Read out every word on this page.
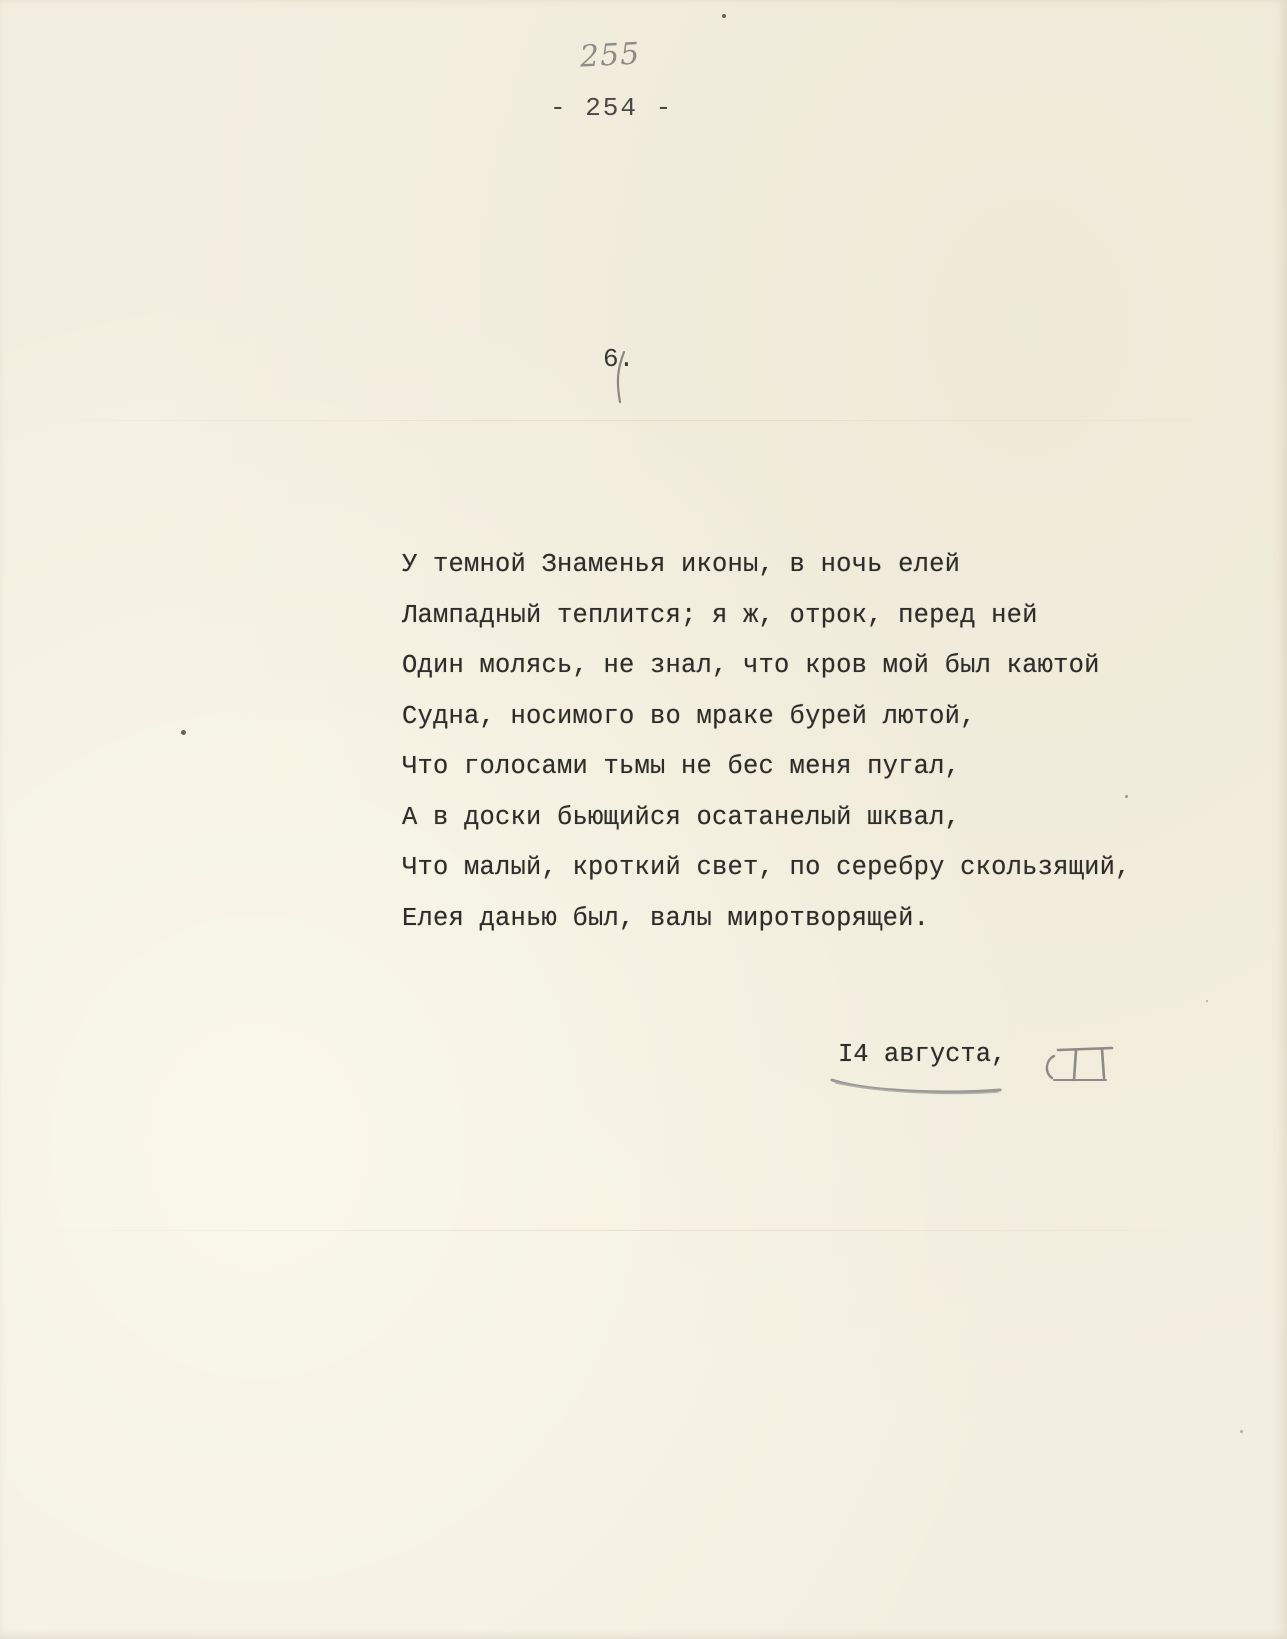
255
- 254 -
6.
У темной Знаменья иконы, в ночь елей
Лампадный теплится; я ж, отрок, перед ней
Один молясь, не знал, что кров мой был каютой
Судна, носимого во мраке бурей лютой,
Что голосами тьмы не бес меня пугал,
А в доски бьющийся осатанелый шквал,
Что малый, кроткий свет, по серебру скользящий,
Елея данью был, валы миротворящей.
I4 августа,
